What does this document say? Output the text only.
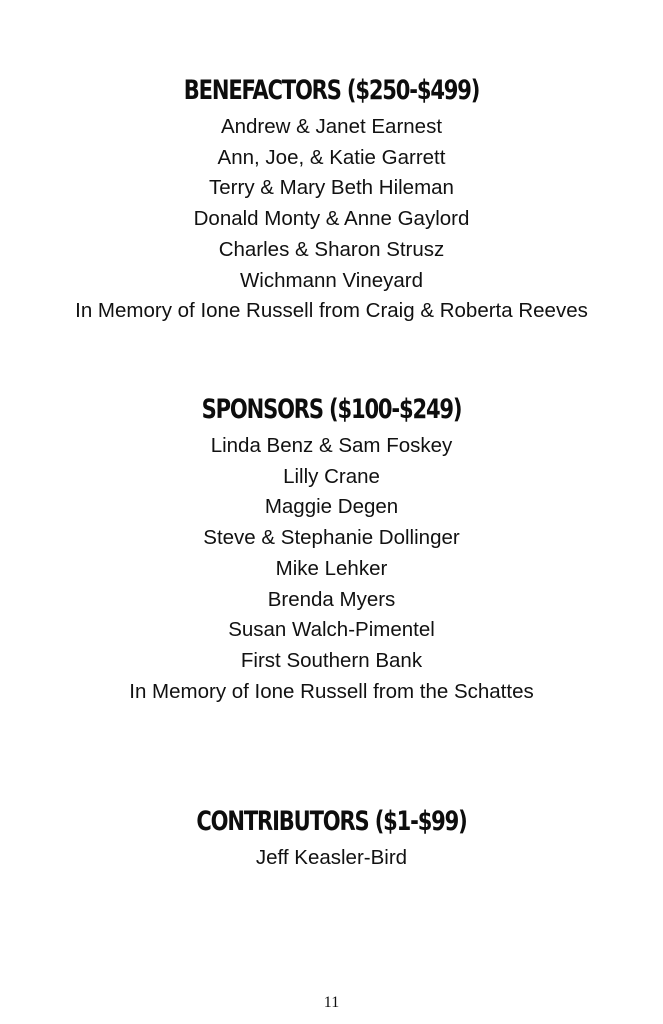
BENEFACTORS ($250-$499)
Andrew & Janet Earnest
Ann, Joe, & Katie Garrett
Terry & Mary Beth Hileman
Donald Monty & Anne Gaylord
Charles & Sharon Strusz
Wichmann Vineyard
In Memory of Ione Russell from Craig & Roberta Reeves
SPONSORS ($100-$249)
Linda Benz & Sam Foskey
Lilly Crane
Maggie Degen
Steve & Stephanie Dollinger
Mike Lehker
Brenda Myers
Susan Walch-Pimentel
First Southern Bank
In Memory of Ione Russell from the Schattes
CONTRIBUTORS ($1-$99)
Jeff Keasler-Bird
11
